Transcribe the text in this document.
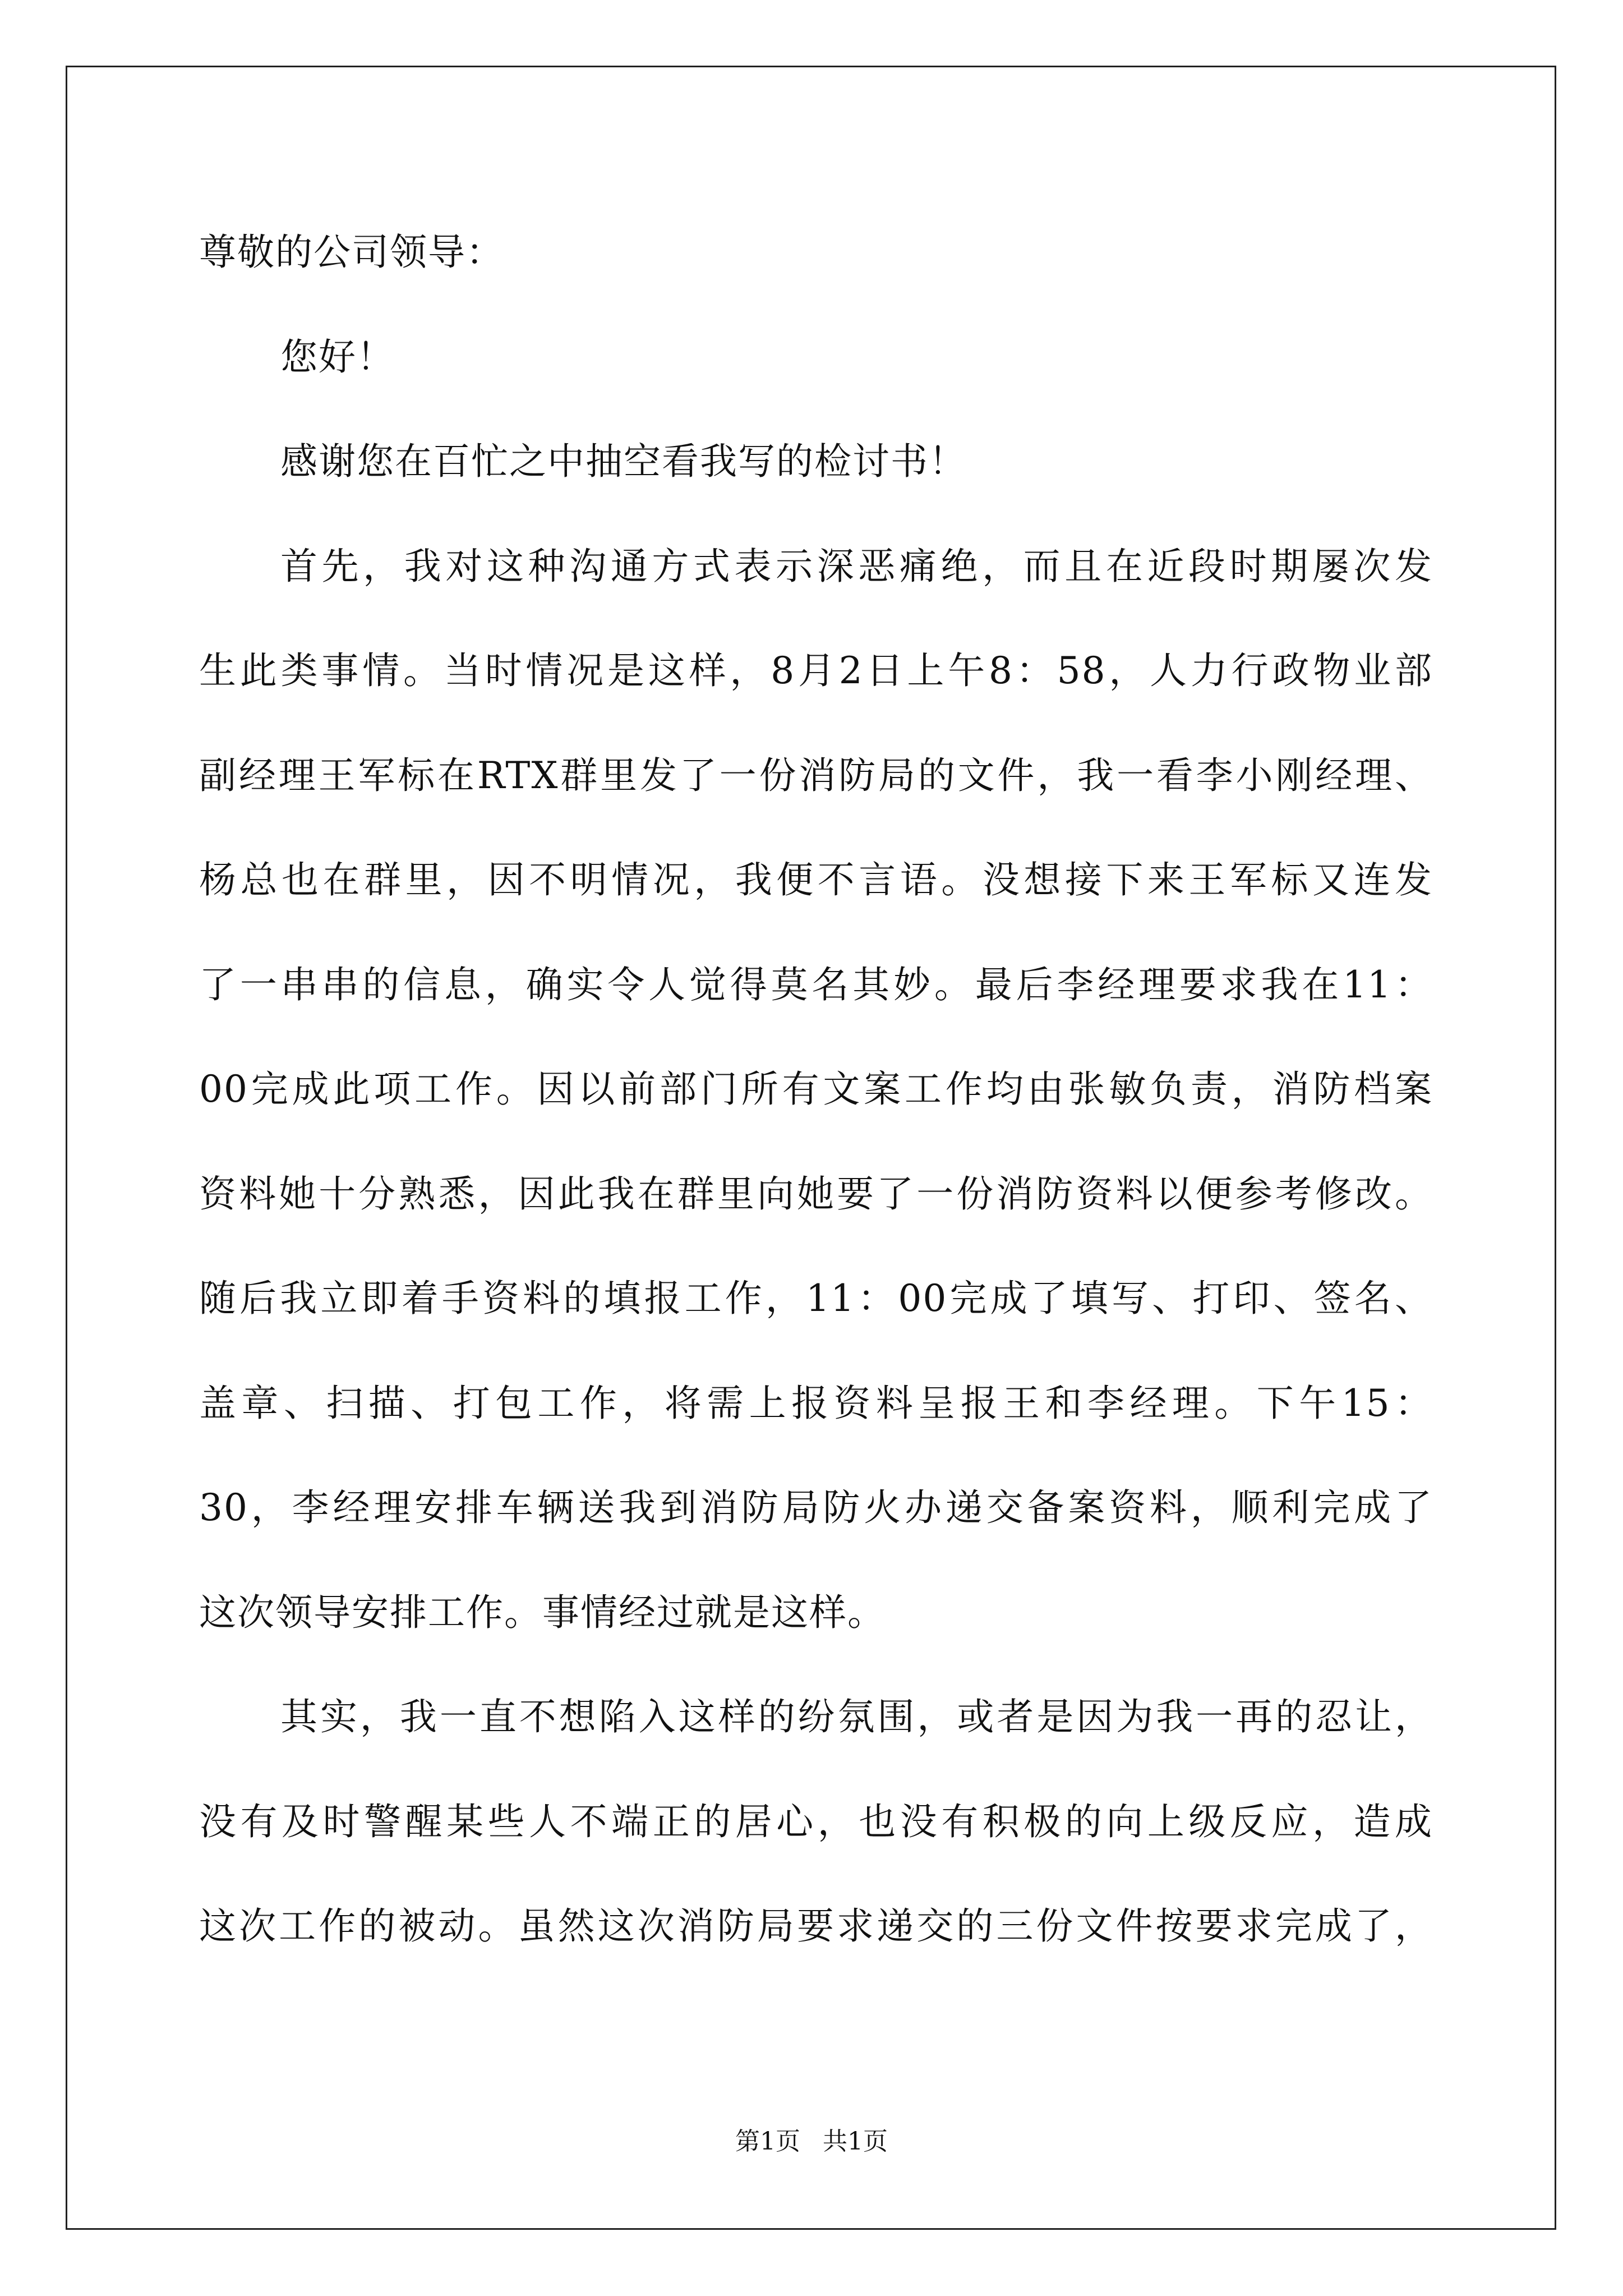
尊敬的公司领导：
您好！
感谢您在百忙之中抽空看我写的检讨书！
首先，我对这种沟通方式表示深恶痛绝，而且在近段时期屡次发
生此类事情。当时情况是这样，8月2日上午8：58，人力行政物业部
副经理王军标在RTX群里发了一份消防局的文件，我一看李小刚经理、
杨总也在群里，因不明情况，我便不言语。没想接下来王军标又连发
了一串串的信息，确实令人觉得莫名其妙。最后李经理要求我在11：
00完成此项工作。因以前部门所有文案工作均由张敏负责，消防档案
资料她十分熟悉，因此我在群里向她要了一份消防资料以便参考修改。
随后我立即着手资料的填报工作，11：00完成了填写、打印、签名、
盖章、扫描、打包工作，将需上报资料呈报王和李经理。下午15：
30，李经理安排车辆送我到消防局防火办递交备案资料，顺利完成了
这次领导安排工作。事情经过就是这样。
其实，我一直不想陷入这样的纷氛围，或者是因为我一再的忍让，
没有及时警醒某些人不端正的居心，也没有积极的向上级反应，造成
这次工作的被动。虽然这次消防局要求递交的三份文件按要求完成了，
第1页 共1页
